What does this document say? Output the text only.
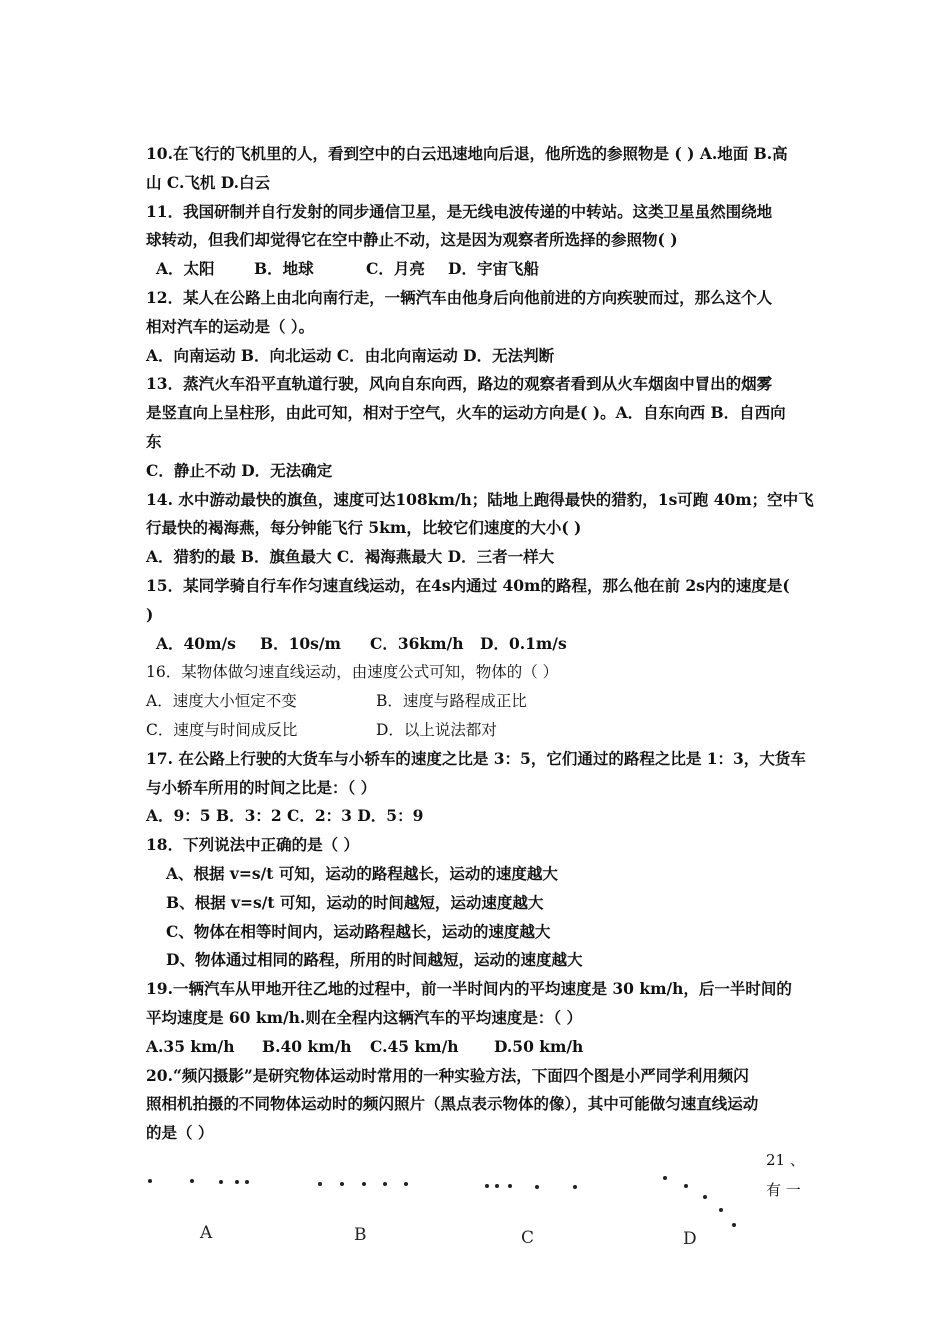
10.在飞行的飞机里的人，看到空中的白云迅速地向后退，他所选的参照物是 ( ) A.地面 B.高
山 C.飞机 D.白云
11．我国研制并自行发射的同步通信卫星，是无线电波传递的中转站。这类卫星虽然围绕地
球转动，但我们却觉得它在空中静止不动，这是因为观察者所选择的参照物( )
A．太阳	B．地球	C．月亮 D．宇宙飞船
12．某人在公路上由北向南行走，一辆汽车由他身后向他前进的方向疾驶而过，那么这个人
相对汽车的运动是（ ）。
A．向南运动 B．向北运动 C．由北向南运动 D．无法判断
13．蒸汽火车沿平直轨道行驶，风向自东向西，路边的观察者看到从火车烟囱中冒出的烟雾
是竖直向上呈柱形，由此可知，相对于空气，火车的运动方向是( )。A．自东向西 B．自西向
东
C．静止不动 D．无法确定
14. 水中游动最快的旗鱼，速度可达108km/h；陆地上跑得最快的猎豹，1s可跑 40m；空中飞
行最快的褐海燕，每分钟能飞行 5km，比较它们速度的大小( )
A．猎豹的最 B．旗鱼最大 C．褐海燕最大 D．三者一样大
15．某同学骑自行车作匀速直线运动，在4s内通过 40m的路程，那么他在前 2s内的速度是(
)
A．40m/s B．10s/m C．36km/h D．0.1m/s
16．某物体做匀速直线运动，由速度公式可知，物体的（ ）
A．速度大小恒定不变	B．速度与路程成正比
C．速度与时间成反比	D．以上说法都对
17. 在公路上行驶的大货车与小轿车的速度之比是 3：5，它们通过的路程之比是 1：3，大货车
与小轿车所用的时间之比是：（ ）
A．9：5 B．3：2 C．2：3 D．5：9
18．下列说法中正确的是（ ）
A、根据 v=s/t 可知，运动的路程越长，运动的速度越大
B、根据 v=s/t 可知，运动的时间越短，运动速度越大
C、物体在相等时间内，运动路程越长，运动的速度越大
D、物体通过相同的路程，所用的时间越短，运动的速度越大
19.一辆汽车从甲地开往乙地的过程中，前一半时间内的平均速度是 30 km/h，后一半时间的
平均速度是 60 km/h.则在全程内这辆汽车的平均速度是：（ ）
A.35 km/h B.40 km/h C.45 km/h D.50 km/h
20.“频闪摄影”是研究物体运动时常用的一种实验方法，下面四个图是小严同学利用频闪
照相机拍摄的不同物体运动时的频闪照片（黑点表示物体的像），其中可能做匀速直线运动
的是（ ）
21 、
有 一
A	B	C	D
